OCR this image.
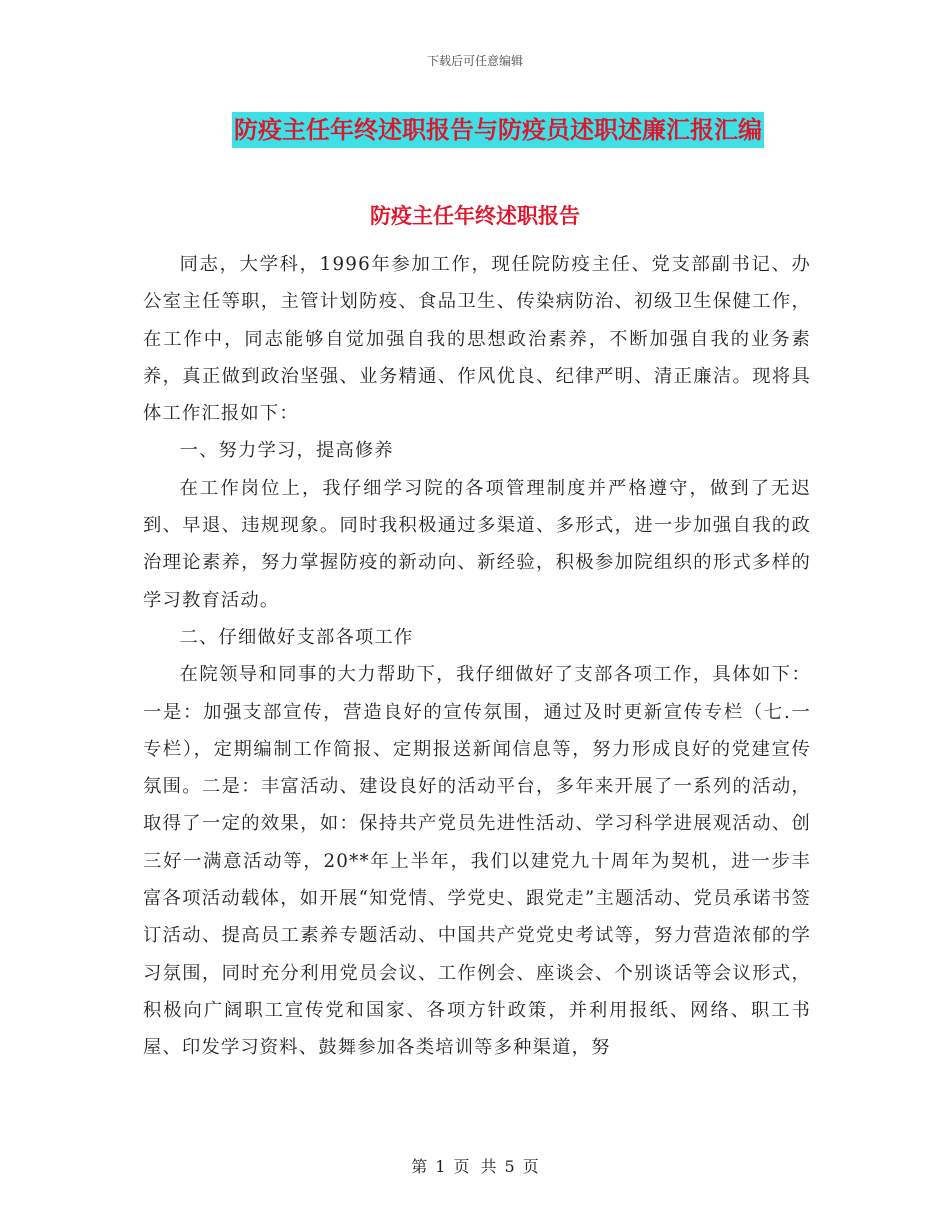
下载后可任意编辑
防疫主任年终述职报告与防疫员述职述廉汇报汇编
防疫主任年终述职报告

同志，大学科，1996年参加工作，现任院防疫主任、党支部副书记、办公室主任等职，主管计划防疫、食品卫生、传染病防治、初级卫生保健工作，在工作中，同志能够自觉加强自我的思想政治素养，不断加强自我的业务素养，真正做到政治坚强、业务精通、作风优良、纪律严明、清正廉洁。现将具体工作汇报如下：

一、努力学习，提高修养

在工作岗位上，我仔细学习院的各项管理制度并严格遵守，做到了无迟到、早退、违规现象。同时我积极通过多渠道、多形式，进一步加强自我的政治理论素养，努力掌握防疫的新动向、新经验，积极参加院组织的形式多样的学习教育活动。

二、仔细做好支部各项工作

在院领导和同事的大力帮助下，我仔细做好了支部各项工作，具体如下：一是：加强支部宣传，营造良好的宣传氛围，通过及时更新宣传专栏（七.一专栏），定期编制工作简报、定期报送新闻信息等，努力形成良好的党建宣传氛围。二是：丰富活动、建设良好的活动平台，多年来开展了一系列的活动，取得了一定的效果，如：保持共产党员先进性活动、学习科学进展观活动、创三好一满意活动等，20**年上半年，我们以建党九十周年为契机，进一步丰富各项活动载体，如开展“知党情、学党史、跟党走”主题活动、党员承诺书签订活动、提高员工素养专题活动、中国共产党党史考试等，努力营造浓郁的学习氛围，同时充分利用党员会议、工作例会、座谈会、个别谈话等会议形式，积极向广阔职工宣传党和国家、各项方针政策，并利用报纸、网络、职工书屋、印发学习资料、鼓舞参加各类培训等多种渠道，努

第 1 页 共 5 页
